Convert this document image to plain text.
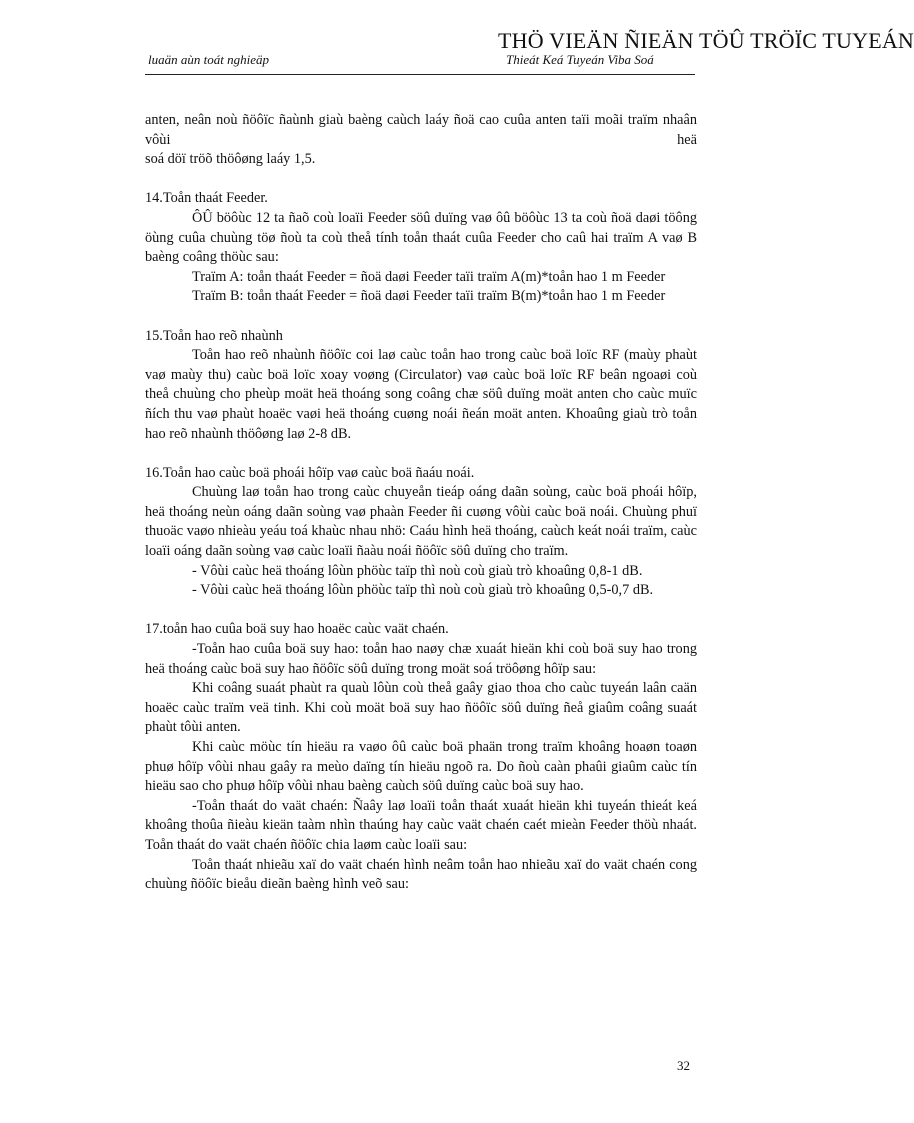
THÖ VIEÄN ÑIEÄN TÖÛ TRÖÏC TUYEÁN
luaän aùn toát nghieäp	Thieát Keá Tuyeán Viba Soá

anten, neân noù ñöôïc ñaùnh giaù baèng caùch laáy ñoä cao cuûa anten taïi moãi traïm nhaân vôùi heä

soá döï tröõ thöôøng laáy 1,5.

14.Toån thaát Feeder.

ÔÛ böôùc 12 ta ñaõ coù loaïi Feeder söû duïng vaø ôû böôùc 13 ta coù ñoä daøi töông öùng cuûa chuùng töø ñoù ta coù theå tính toån thaát cuûa Feeder cho caû hai traïm A vaø B baèng coâng thöùc sau:

Traïm A: toån thaát Feeder = ñoä daøi Feeder taïi traïm A(m)*toån hao 1 m Feeder

Traïm B: toån thaát Feeder = ñoä daøi Feeder taïi traïm B(m)*toån hao 1 m Feeder

15.Toån hao reõ nhaùnh

Toån hao reõ nhaùnh ñöôïc coi laø caùc toån hao trong caùc boä loïc RF (maùy phaùt vaø maùy thu) caùc boä loïc xoay voøng (Circulator) vaø caùc boä loïc RF beân ngoaøi coù theå chuùng cho pheùp moät heä thoáng song coâng chæ söû duïng moät anten cho caùc muïc ñích thu vaø phaùt hoaëc vaøi heä thoáng cuøng noái ñeán moät anten. Khoaûng giaù trò toån hao reõ nhaùnh thöôøng laø 2-8 dB.

16.Toån hao caùc boä phoái hôïp vaø caùc boä ñaáu noái.

Chuùng laø toån hao trong caùc chuyeån tieáp oáng daãn soùng, caùc boä phoái hôïp, heä thoáng neùn oáng daãn soùng vaø phaàn Feeder ñi cuøng vôùi caùc boä noái. Chuùng phuï thuoäc vaøo nhieàu yeáu toá khaùc nhau nhö: Caáu hình heä thoáng, caùch keát noái traïm, caùc loaïi oáng daãn soùng vaø caùc loaïi ñaàu noái ñöôïc söû duïng cho traïm.

- Vôùi caùc heä thoáng lôùn phöùc taïp thì noù coù giaù trò khoaûng 0,8-1 dB.

- Vôùi caùc heä thoáng lôùn phöùc taïp thì noù coù giaù trò khoaûng 0,5-0,7 dB.

17.toån hao cuûa boä suy hao hoaëc caùc vaät chaén.

-Toån hao cuûa boä suy hao: toån hao naøy chæ xuaát hieän khi coù boä suy hao trong heä thoáng caùc boä suy hao ñöôïc söû duïng trong moät soá tröôøng hôïp sau:

Khi coâng suaát phaùt ra quaù lôùn coù theå gaây giao thoa cho caùc tuyeán laân caän hoaëc caùc traïm veä tinh. Khi coù moät boä suy hao ñöôïc söû duïng ñeå giaûm coâng suaát phaùt tôùi anten.

Khi caùc möùc tín hieäu ra vaøo ôû caùc boä phaän trong traïm khoâng hoaøn toaøn phuø hôïp vôùi nhau gaây ra meùo daïng tín hieäu ngoõ ra. Do ñoù caàn phaûi giaûm caùc tín hieäu sao cho phuø hôïp vôùi nhau baèng caùch söû duïng caùc boä suy hao.

-Toån thaát do vaät chaén: Ñaây laø loaïi toån thaát xuaát hieän khi tuyeán thieát keá khoâng thoûa ñieàu kieän taàm nhìn thaúng hay caùc vaät chaén caét mieàn Feeder thöù nhaát. Toån thaát do vaät chaén ñöôïc chia laøm caùc loaïi sau:

Toån thaát nhieãu xaï do vaät chaén hình neâm toån hao nhieãu xaï do vaät chaén cong chuùng ñöôïc bieåu dieãn baèng hình veõ sau:

32
